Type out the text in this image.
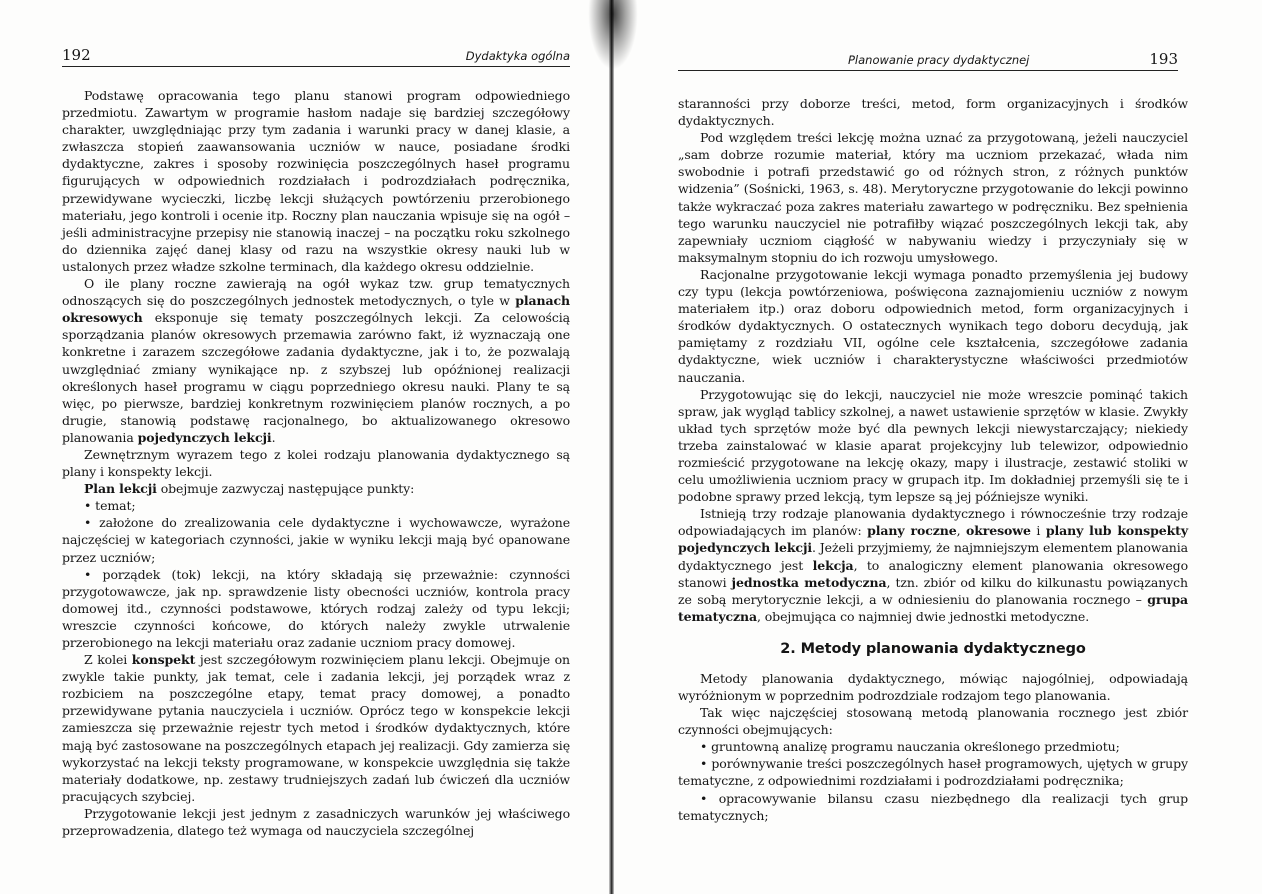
192	Dydaktyka ogólna

Podstawę opracowania tego planu stanowi program odpowiedniego przedmiotu. Zawartym w programie hasłom nadaje się bardziej szczegółowy charakter, uwzględniając przy tym zadania i warunki pracy w danej klasie, a zwłaszcza stopień zaawansowania uczniów w nauce, posiadane środki dydaktyczne, zakres i sposoby rozwinięcia poszczególnych haseł programu figurujących w odpowiednich rozdziałach i podrozdziałach podręcznika, przewidywane wycieczki, liczbę lekcji służących powtórzeniu przerobionego materiału, jego kontroli i ocenie itp. Roczny plan nauczania wpisuje się na ogół – jeśli administracyjne przepisy nie stanowią inaczej – na początku roku szkolnego do dziennika zajęć danej klasy od razu na wszystkie okresy nauki lub w ustalonych przez władze szkolne terminach, dla każdego okresu oddzielnie.

O ile plany roczne zawierają na ogół wykaz tzw. grup tematycznych odnoszących się do poszczególnych jednostek metodycznych, o tyle w planach okresowych eksponuje się tematy poszczególnych lekcji. Za celowością sporządzania planów okresowych przemawia zarówno fakt, iż wyznaczają one konkretne i zarazem szczegółowe zadania dydaktyczne, jak i to, że pozwalają uwzględniać zmiany wynikające np. z szybszej lub opóźnionej realizacji określonych haseł programu w ciągu poprzedniego okresu nauki. Plany te są więc, po pierwsze, bardziej konkretnym rozwinięciem planów rocznych, a po drugie, stanowią podstawę racjonalnego, bo aktualizowanego okresowo planowania pojedynczych lekcji.

Zewnętrznym wyrazem tego z kolei rodzaju planowania dydaktycznego są plany i konspekty lekcji.

Plan lekcji obejmuje zazwyczaj następujące punkty:

• temat;

• założone do zrealizowania cele dydaktyczne i wychowawcze, wyrażone najczęściej w kategoriach czynności, jakie w wyniku lekcji mają być opanowane przez uczniów;

• porządek (tok) lekcji, na który składają się przeważnie: czynności przygotowawcze, jak np. sprawdzenie listy obecności uczniów, kontrola pracy domowej itd., czynności podstawowe, których rodzaj zależy od typu lekcji; wreszcie czynności końcowe, do których należy zwykle utrwalenie przerobionego na lekcji materiału oraz zadanie uczniom pracy domowej.

Z kolei konspekt jest szczegółowym rozwinięciem planu lekcji. Obejmuje on zwykle takie punkty, jak temat, cele i zadania lekcji, jej porządek wraz z rozbiciem na poszczególne etapy, temat pracy domowej, a ponadto przewidywane pytania nauczyciela i uczniów. Oprócz tego w konspekcie lekcji zamieszcza się przeważnie rejestr tych metod i środków dydaktycznych, które mają być zastosowane na poszczególnych etapach jej realizacji. Gdy zamierza się wykorzystać na lekcji teksty programowane, w konspekcie uwzględnia się także materiały dodatkowe, np. zestawy trudniejszych zadań lub ćwiczeń dla uczniów pracujących szybciej.

Przygotowanie lekcji jest jednym z zasadniczych warunków jej właściwego przeprowadzenia, dlatego też wymaga od nauczyciela szczególnej

Planowanie pracy dydaktycznej	193

staranności przy doborze treści, metod, form organizacyjnych i środków dydaktycznych.

Pod względem treści lekcję można uznać za przygotowaną, jeżeli nauczyciel „sam dobrze rozumie materiał, który ma uczniom przekazać, włada nim swobodnie i potrafi przedstawić go od różnych stron, z różnych punktów widzenia” (Sośnicki, 1963, s. 48). Merytoryczne przygotowanie do lekcji powinno także wykraczać poza zakres materiału zawartego w podręczniku. Bez spełnienia tego warunku nauczyciel nie potrafiłby wiązać poszczególnych lekcji tak, aby zapewniały uczniom ciągłość w nabywaniu wiedzy i przyczyniały się w maksymalnym stopniu do ich rozwoju umysłowego.

Racjonalne przygotowanie lekcji wymaga ponadto przemyślenia jej budowy czy typu (lekcja powtórzeniowa, poświęcona zaznajomieniu uczniów z nowym materiałem itp.) oraz doboru odpowiednich metod, form organizacyjnych i środków dydaktycznych. O ostatecznych wynikach tego doboru decydują, jak pamiętamy z rozdziału VII, ogólne cele kształcenia, szczegółowe zadania dydaktyczne, wiek uczniów i charakterystyczne właściwości przedmiotów nauczania.

Przygotowując się do lekcji, nauczyciel nie może wreszcie pominąć takich spraw, jak wygląd tablicy szkolnej, a nawet ustawienie sprzętów w klasie. Zwykły układ tych sprzętów może być dla pewnych lekcji niewystarczający; niekiedy trzeba zainstalować w klasie aparat projekcyjny lub telewizor, odpowiednio rozmieścić przygotowane na lekcję okazy, mapy i ilustracje, zestawić stoliki w celu umożliwienia uczniom pracy w grupach itp. Im dokładniej przemyśli się te i podobne sprawy przed lekcją, tym lepsze są jej późniejsze wyniki.

Istnieją trzy rodzaje planowania dydaktycznego i równocześnie trzy rodzaje odpowiadających im planów: plany roczne, okresowe i plany lub konspekty pojedynczych lekcji. Jeżeli przyjmiemy, że najmniejszym elementem planowania dydaktycznego jest lekcja, to analogiczny element planowania okresowego stanowi jednostka metodyczna, tzn. zbiór od kilku do kilkunastu powiązanych ze sobą merytorycznie lekcji, a w odniesieniu do planowania rocznego – grupa tematyczna, obejmująca co najmniej dwie jednostki metodyczne.

2. Metody planowania dydaktycznego

Metody planowania dydaktycznego, mówiąc najogólniej, odpowiadają wyróżnionym w poprzednim podrozdziale rodzajom tego planowania.

Tak więc najczęściej stosowaną metodą planowania rocznego jest zbiór czynności obejmujących:

• gruntowną analizę programu nauczania określonego przedmiotu;

• porównywanie treści poszczególnych haseł programowych, ujętych w grupy tematyczne, z odpowiednimi rozdziałami i podrozdziałami podręcznika;

• opracowywanie bilansu czasu niezbędnego dla realizacji tych grup tematycznych;
